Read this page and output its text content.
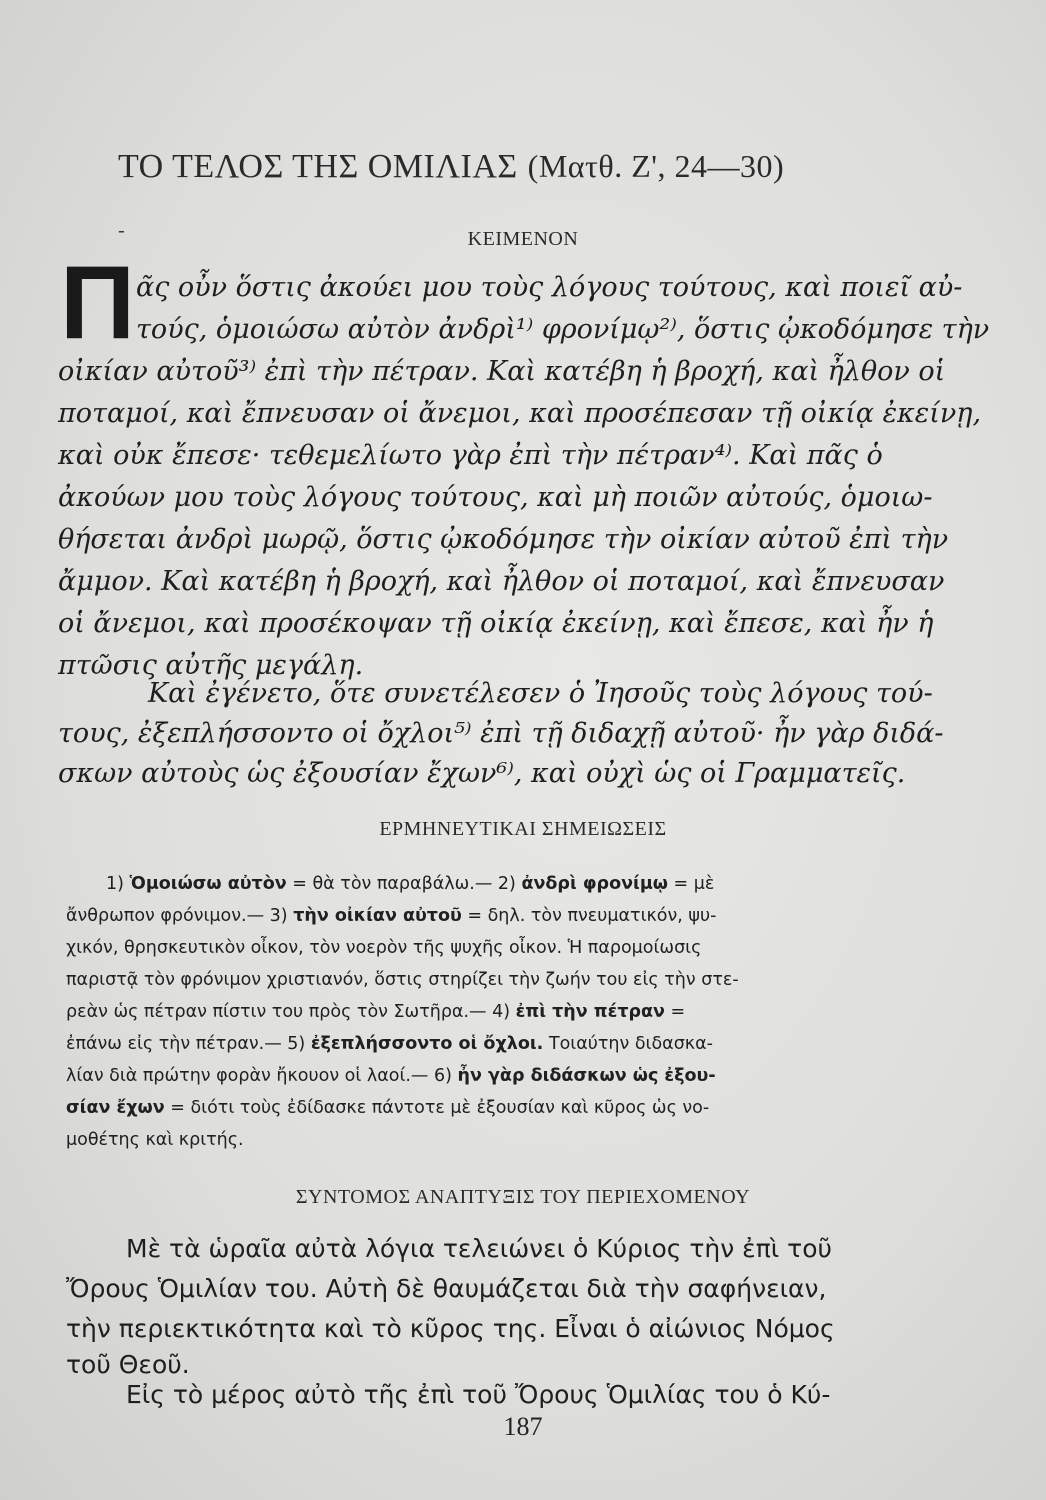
ΤΟ ΤΕΛΟΣ ΤΗΣ ΟΜΙΛΙΑΣ (Ματθ. Ζ', 24—30)
-	ΚΕΙΜΕΝΟΝ
Π ᾶς οὖν ὅστις ἀκούει μου τοὺς λόγους τούτους, καὶ ποιεῖ αὐ-
τούς, ὁμοιώσω αὐτὸν ἀνδρὶ¹⁾ φρονίμῳ²⁾, ὅστις ᾠκοδόμησε τὴν
οἰκίαν αὐτοῦ³⁾ ἐπὶ τὴν πέτραν. Καὶ κατέβη ἡ βροχή, καὶ ἦλθον οἱ
ποταμοί, καὶ ἔπνευσαν οἱ ἄνεμοι, καὶ προσέπεσαν τῇ οἰκίᾳ ἐκείνῃ,
καὶ οὐκ ἔπεσε· τεθεμελίωτο γὰρ ἐπὶ τὴν πέτραν⁴⁾. Καὶ πᾶς ὁ
ἀκούων μου τοὺς λόγους τούτους, καὶ μὴ ποιῶν αὐτούς, ὁμοιω-
θήσεται ἀνδρὶ μωρῷ, ὅστις ᾠκοδόμησε τὴν οἰκίαν αὐτοῦ ἐπὶ τὴν
ἄμμον. Καὶ κατέβη ἡ βροχή, καὶ ἦλθον οἱ ποταμοί, καὶ ἔπνευσαν
οἱ ἄνεμοι, καὶ προσέκοψαν τῇ οἰκίᾳ ἐκείνῃ, καὶ ἔπεσε, καὶ ἦν ἡ
πτῶσις αὐτῆς μεγάλη.
Καὶ ἐγένετο, ὅτε συνετέλεσεν ὁ Ἰησοῦς τοὺς λόγους τού-
τους, ἐξεπλήσσοντο οἱ ὄχλοι⁵⁾ ἐπὶ τῇ διδαχῇ αὐτοῦ· ἦν γὰρ διδά-
σκων αὐτοὺς ὡς ἐξουσίαν ἔχων⁶⁾, καὶ οὐχὶ ὡς οἱ Γραμματεῖς.
ΕΡΜΗΝΕΥΤΙΚΑΙ ΣΗΜΕΙΩΣΕΙΣ
1) Ὁμοιώσω αὐτὸν = θὰ τὸν παραβάλω.— 2) ἀνδρὶ φρονίμῳ = μὲ
ἄνθρωπον φρόνιμον.— 3) τὴν οἰκίαν αὐτοῦ = δηλ. τὸν πνευματικόν, ψυ-
χικόν, θρησκευτικὸν οἶκον, τὸν νοερὸν τῆς ψυχῆς οἶκον. Ἡ παρομοίωσις
παριστᾷ τὸν φρόνιμον χριστιανόν, ὅστις στηρίζει τὴν ζωήν του εἰς τὴν στε-
ρεὰν ὡς πέτραν πίστιν του πρὸς τὸν Σωτῆρα.— 4) ἐπὶ τὴν πέτραν =
ἐπάνω εἰς τὴν πέτραν.— 5) ἐξεπλήσσοντο οἱ ὄχλοι. Τοιαύτην διδασκα-
λίαν διὰ πρώτην φορὰν ἤκουον οἱ λαοί.— 6) ἦν γὰρ διδάσκων ὡς ἐξου-
σίαν ἔχων = διότι τοὺς ἐδίδασκε πάντοτε μὲ ἐξουσίαν καὶ κῦρος ὡς νο-
μοθέτης καὶ κριτής.
ΣΥΝΤΟΜΟΣ ΑΝΑΠΤΥΞΙΣ ΤΟΥ ΠΕΡΙΕΧΟΜΕΝΟΥ
Μὲ τὰ ὡραῖα αὐτὰ λόγια τελειώνει ὁ Κύριος τὴν ἐπὶ τοῦ
Ὄρους Ὁμιλίαν του. Αὐτὴ δὲ θαυμάζεται διὰ τὴν σαφήνειαν,
τὴν περιεκτικότητα καὶ τὸ κῦρος της. Εἶναι ὁ αἰώνιος Νόμος
τοῦ Θεοῦ.
Εἰς τὸ μέρος αὐτὸ τῆς ἐπὶ τοῦ Ὄρους Ὁμιλίας του ὁ Κύ-
187
